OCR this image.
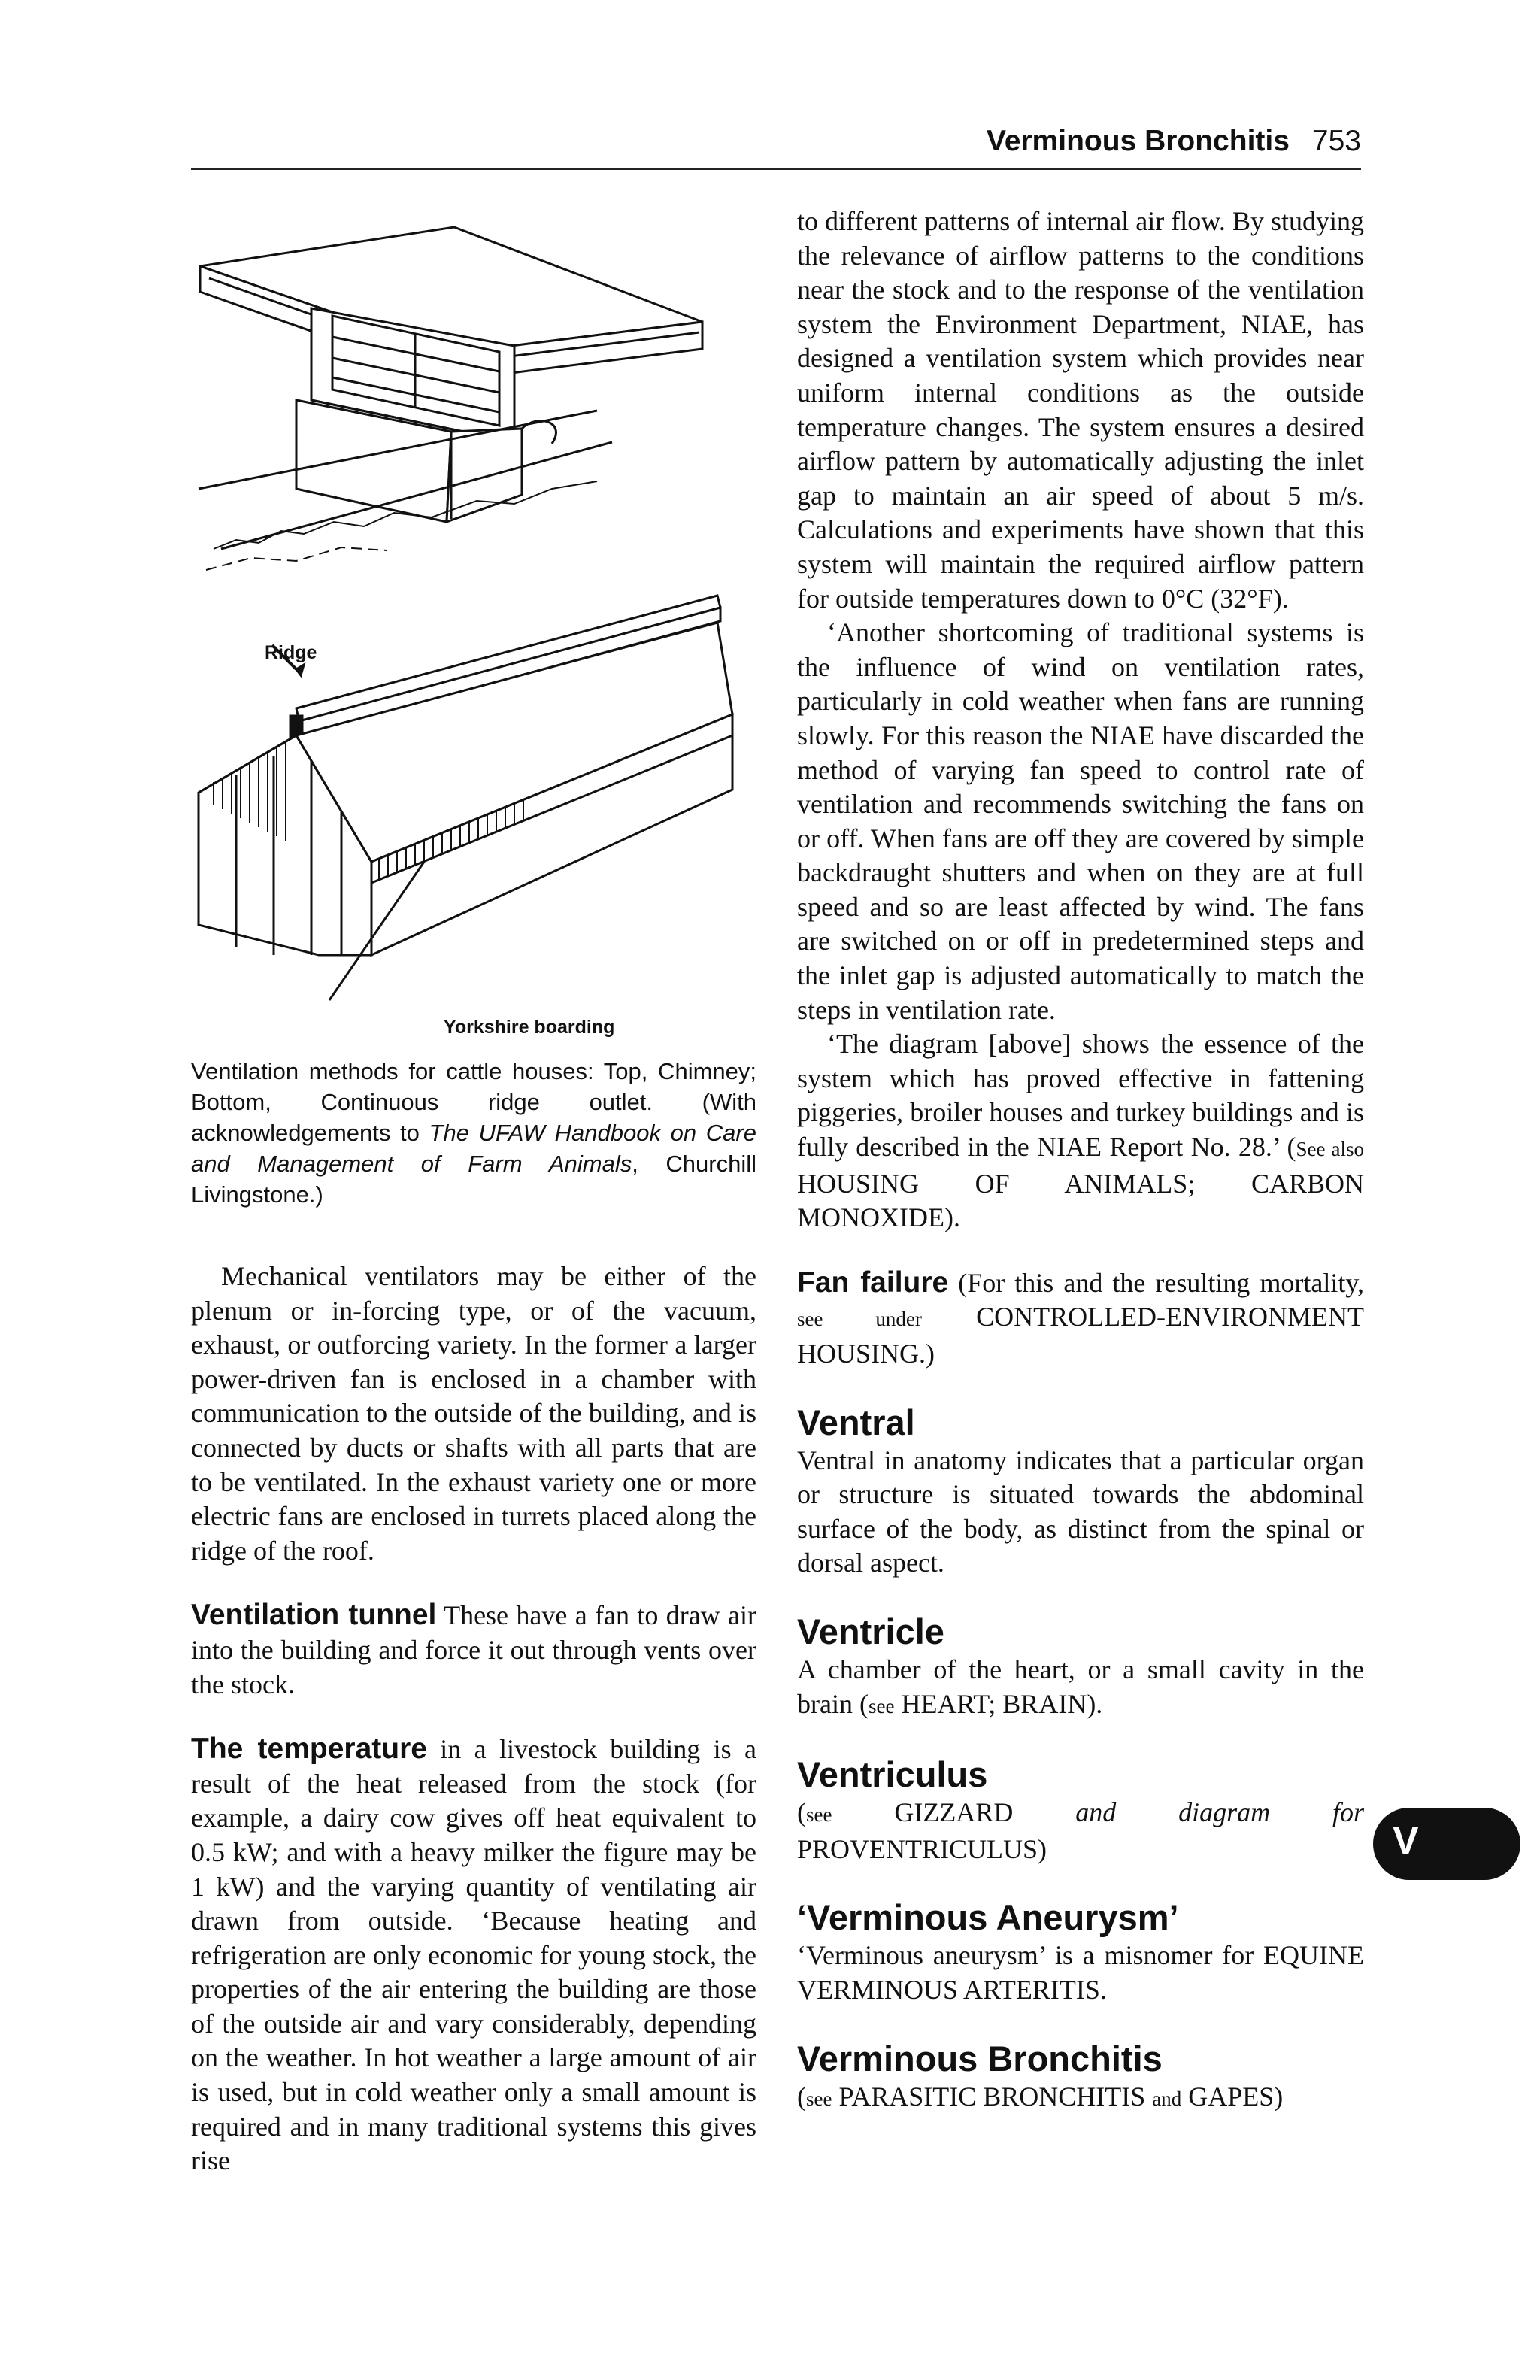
Verminous Bronchitis 753
Ridge
Yorkshire boarding

Ventilation methods for cattle houses: Top, Chimney; Bottom, Continuous ridge outlet. (With acknowledgements to The UFAW Handbook on Care and Management of Farm Animals, Churchill Livingstone.)

Mechanical ventilators may be either of the plenum or in-forcing type, or of the vacuum, exhaust, or outforcing variety. In the former a larger power-driven fan is enclosed in a chamber with communication to the outside of the building, and is connected by ducts or shafts with all parts that are to be ventilated. In the exhaust variety one or more electric fans are enclosed in turrets placed along the ridge of the roof.

Ventilation tunnel These have a fan to draw air into the building and force it out through vents over the stock.

The temperature in a livestock building is a result of the heat released from the stock (for example, a dairy cow gives off heat equivalent to 0.5 kW; and with a heavy milker the figure may be 1 kW) and the varying quantity of ventilating air drawn from outside. ‘Because heating and refrigeration are only economic for young stock, the properties of the air entering the building are those of the outside air and vary considerably, depending on the weather. In hot weather a large amount of air is used, but in cold weather only a small amount is required and in many traditional systems this gives rise

to different patterns of internal air flow. By studying the relevance of airflow patterns to the conditions near the stock and to the response of the ventilation system the Environment Department, NIAE, has designed a ventilation system which provides near uniform internal conditions as the outside temperature changes. The system ensures a desired airflow pattern by automatically adjusting the inlet gap to maintain an air speed of about 5 m/s. Calculations and experiments have shown that this system will maintain the required airflow pattern for outside temperatures down to 0°C (32°F).

‘Another shortcoming of traditional systems is the influence of wind on ventilation rates, particularly in cold weather when fans are running slowly. For this reason the NIAE have discarded the method of varying fan speed to control rate of ventilation and recommends switching the fans on or off. When fans are off they are covered by simple backdraught shutters and when on they are at full speed and so are least affected by wind. The fans are switched on or off in predetermined steps and the inlet gap is adjusted automatically to match the steps in ventilation rate.

‘The diagram [above] shows the essence of the system which has proved effective in fattening piggeries, broiler houses and turkey buildings and is fully described in the NIAE Report No. 28.’ (See also HOUSING OF ANIMALS; CARBON MONOXIDE).

Fan failure (For this and the resulting mortality, see under CONTROLLED-ENVIRONMENT HOUSING.)

Ventral

Ventral in anatomy indicates that a particular organ or structure is situated towards the abdominal surface of the body, as distinct from the spinal or dorsal aspect.

Ventricle

A chamber of the heart, or a small cavity in the brain (see HEART; BRAIN).

Ventriculus

(see GIZZARD and diagram for PROVENTRICULUS)

‘Verminous Aneurysm’

‘Verminous aneurysm’ is a misnomer for EQUINE VERMINOUS ARTERITIS.

Verminous Bronchitis

(see PARASITIC BRONCHITIS and GAPES)

V
